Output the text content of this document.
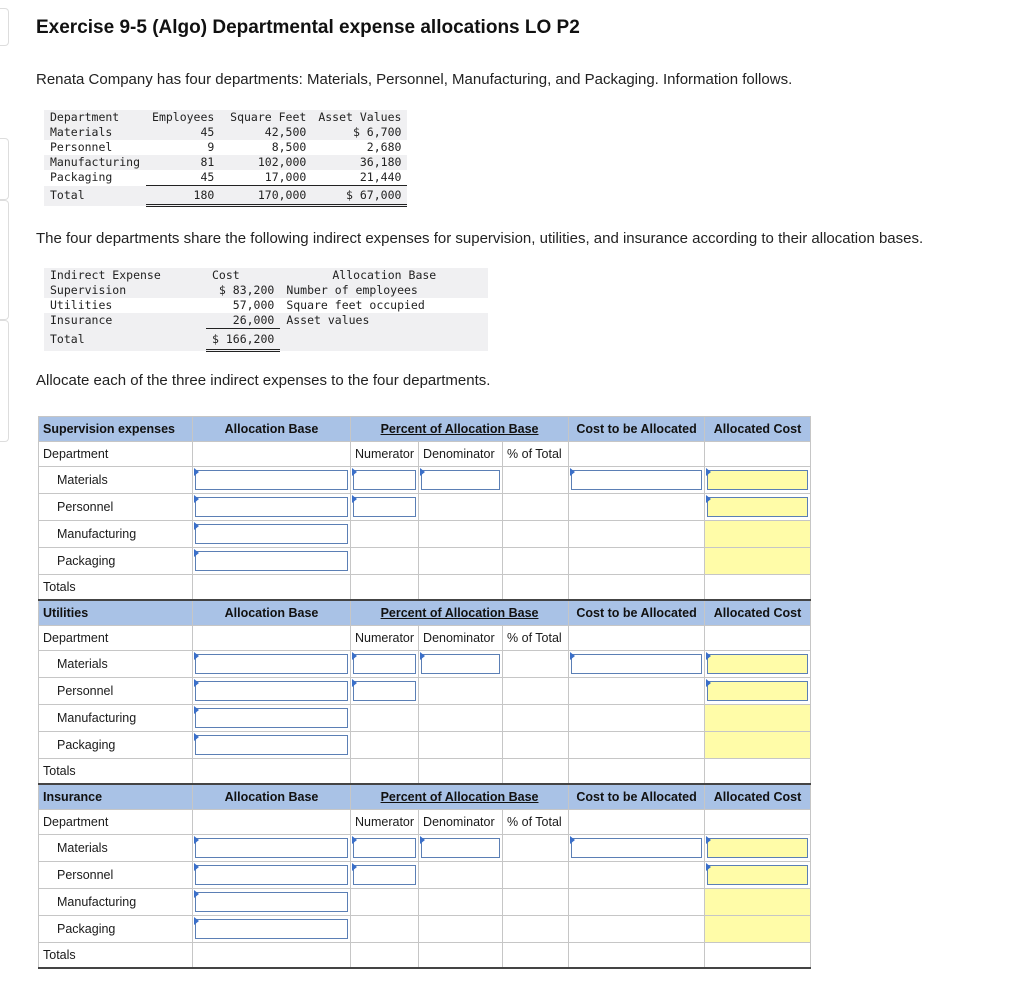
Exercise 9-5 (Algo) Departmental expense allocations LO P2

Renata Company has four departments: Materials, Personnel, Manufacturing, and Packaging. Information follows.

Department	Employees	Square Feet	Asset Values
Materials	45	42,500	$ 6,700
Personnel	9	8,500	2,680
Manufacturing	81	102,000	36,180
Packaging	45	17,000	21,440
Total	180	170,000	$ 67,000

The four departments share the following indirect expenses for supervision, utilities, and insurance according to their allocation bases.

Indirect Expense	Cost	Allocation Base
Supervision	$ 83,200	Number of employees
Utilities	57,000	Square feet occupied
Insurance	26,000	Asset values
Total	$ 166,200	

Allocate each of the three indirect expenses to the four departments.

Supervision expenses	Allocation Base	Percent of Allocation Base			Cost to be Allocated	Allocated Cost
Department		Numerator	Denominator	% of Total		
Materials	

Personnel	

Manufacturing	

Packaging	

Totals						
Utilities	Allocation Base	Percent of Allocation Base			Cost to be Allocated	Allocated Cost
Department		Numerator	Denominator	% of Total		
Materials	

Personnel	

Manufacturing	

Packaging	

Totals						
Insurance	Allocation Base	Percent of Allocation Base			Cost to be Allocated	Allocated Cost
Department		Numerator	Denominator	% of Total		
Materials	

Personnel	

Manufacturing	

Packaging	

Totals						
